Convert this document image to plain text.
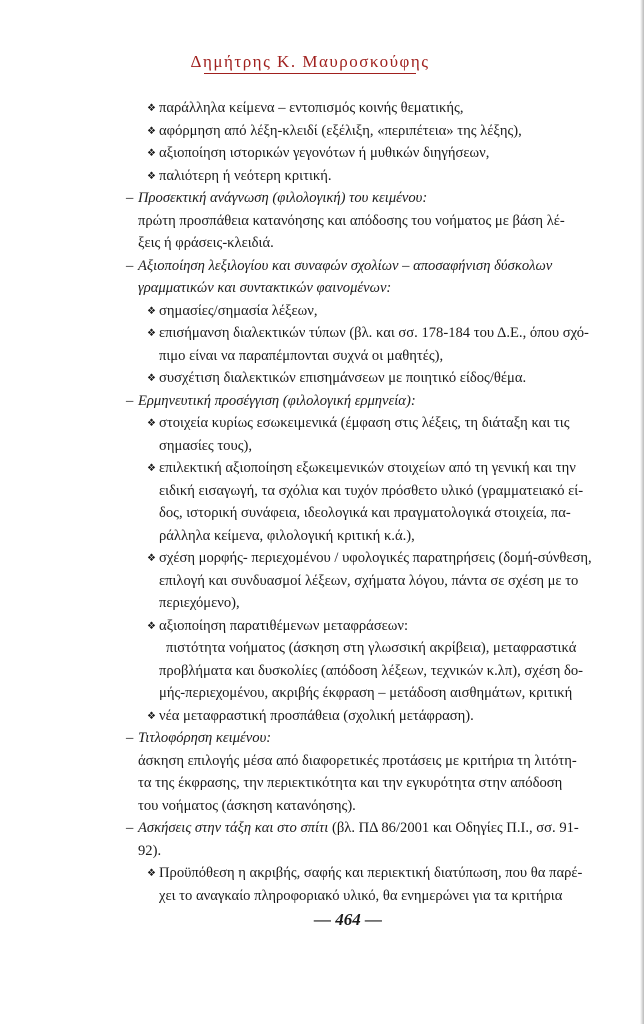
Δημήτρης Κ. Μαυροσκούφης
❖ παράλληλα κείμενα – εντοπισμός κοινής θεματικής,
❖ αφόρμηση από λέξη-κλειδί (εξέλιξη, «περιπέτεια» της λέξης),
❖ αξιοποίηση ιστορικών γεγονότων ή μυθικών διηγήσεων,
❖ παλιότερη ή νεότερη κριτική.
– Προσεκτική ανάγνωση (φιλολογική) του κειμένου:
πρώτη προσπάθεια κατανόησης και απόδοσης του νοήματος με βάση λέ-
ξεις ή φράσεις-κλειδιά.
– Αξιοποίηση λεξιλογίου και συναφών σχολίων – αποσαφήνιση δύσκολων
γραμματικών και συντακτικών φαινομένων:
❖ σημασίες/σημασία λέξεων,
❖ επισήμανση διαλεκτικών τύπων (βλ. και σσ. 178-184 του Δ.Ε., όπου σχό-
πιμο είναι να παραπέμπονται συχνά οι μαθητές),
❖ συσχέτιση διαλεκτικών επισημάνσεων με ποιητικό είδος/θέμα.
– Ερμηνευτική προσέγγιση (φιλολογική ερμηνεία):
❖ στοιχεία κυρίως εσωκειμενικά (έμφαση στις λέξεις, τη διάταξη και τις
σημασίες τους),
❖ επιλεκτική αξιοποίηση εξωκειμενικών στοιχείων από τη γενική και την
ειδική εισαγωγή, τα σχόλια και τυχόν πρόσθετο υλικό (γραμματειακό εί-
δος, ιστορική συνάφεια, ιδεολογικά και πραγματολογικά στοιχεία, πα-
ράλληλα κείμενα, φιλολογική κριτική κ.ά.),
❖ σχέση μορφής- περιεχομένου / υφολογικές παρατηρήσεις (δομή-σύνθεση,
επιλογή και συνδυασμοί λέξεων, σχήματα λόγου, πάντα σε σχέση με το
περιεχόμενο),
❖ αξιοποίηση παρατιθέμενων μεταφράσεων:
πιστότητα νοήματος (άσκηση στη γλωσσική ακρίβεια), μεταφραστικά
προβλήματα και δυσκολίες (απόδοση λέξεων, τεχνικών κ.λπ), σχέση δο-
μής-περιεχομένου, ακριβής έκφραση – μετάδοση αισθημάτων, κριτική
❖ νέα μεταφραστική προσπάθεια (σχολική μετάφραση).
– Τιτλοφόρηση κειμένου:
άσκηση επιλογής μέσα από διαφορετικές προτάσεις με κριτήρια τη λιτότη-
τα της έκφρασης, την περιεκτικότητα και την εγκυρότητα στην απόδοση
του νοήματος (άσκηση κατανόησης).
– Ασκήσεις στην τάξη και στο σπίτι (βλ. ΠΔ 86/2001 και Οδηγίες Π.Ι., σσ. 91-
92).
❖ Προϋπόθεση η ακριβής, σαφής και περιεκτική διατύπωση, που θα παρέ-
χει το αναγκαίο πληροφοριακό υλικό, θα ενημερώνει για τα κριτήρια
— 464 —
